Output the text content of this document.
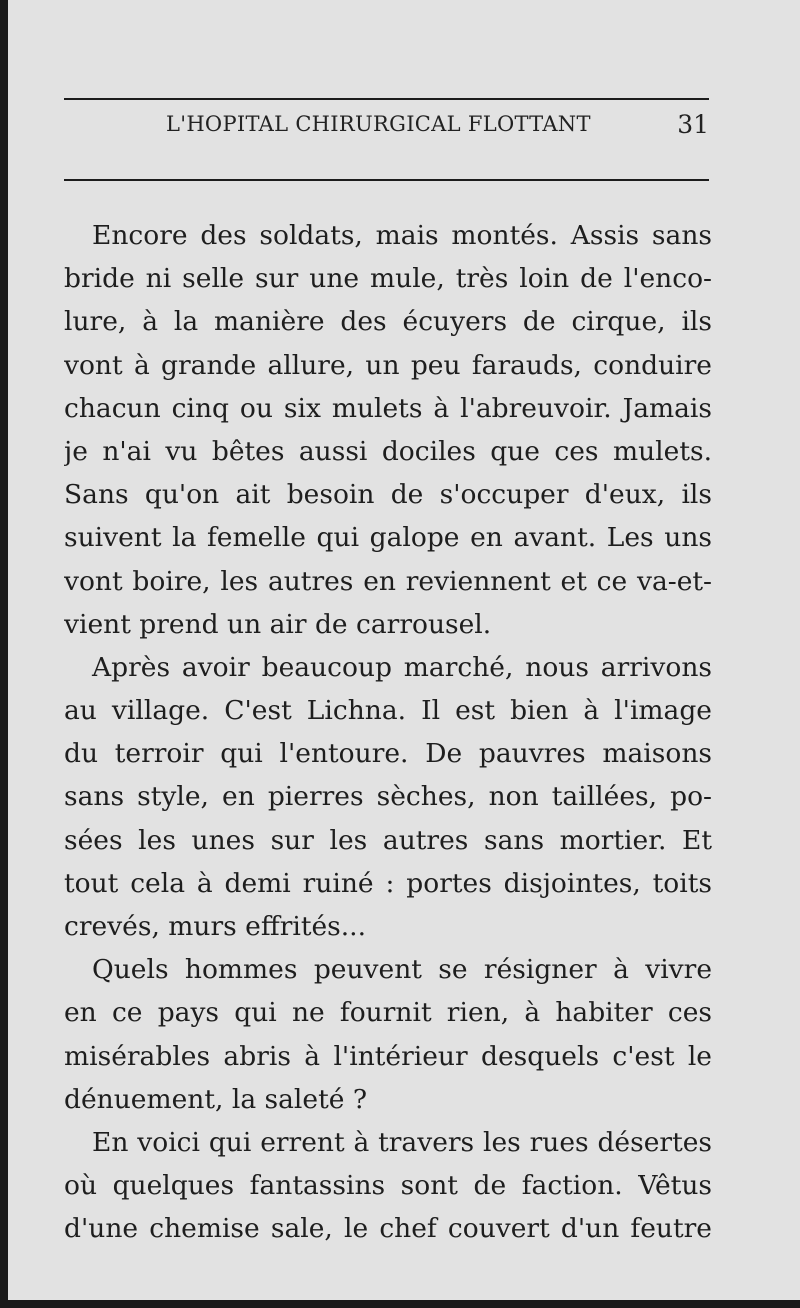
L'HOPITAL CHIRURGICAL FLOTTANT	31
Encore des soldats, mais montés. Assis sans
bride ni selle sur une mule, très loin de l'enco-
lure, à la manière des écuyers de cirque, ils
vont à grande allure, un peu farauds, conduire
chacun cinq ou six mulets à l'abreuvoir. Jamais
je n'ai vu bêtes aussi dociles que ces mulets.
Sans qu'on ait besoin de s'occuper d'eux, ils
suivent la femelle qui galope en avant. Les uns
vont boire, les autres en reviennent et ce va-et-
vient prend un air de carrousel.
Après avoir beaucoup marché, nous arrivons
au village. C'est Lichna. Il est bien à l'image
du terroir qui l'entoure. De pauvres maisons
sans style, en pierres sèches, non taillées, po-
sées les unes sur les autres sans mortier. Et
tout cela à demi ruiné : portes disjointes, toits
crevés, murs effrités...
Quels hommes peuvent se résigner à vivre
en ce pays qui ne fournit rien, à habiter ces
misérables abris à l'intérieur desquels c'est le
dénuement, la saleté ?
En voici qui errent à travers les rues désertes
où quelques fantassins sont de faction. Vêtus
d'une chemise sale, le chef couvert d'un feutre
